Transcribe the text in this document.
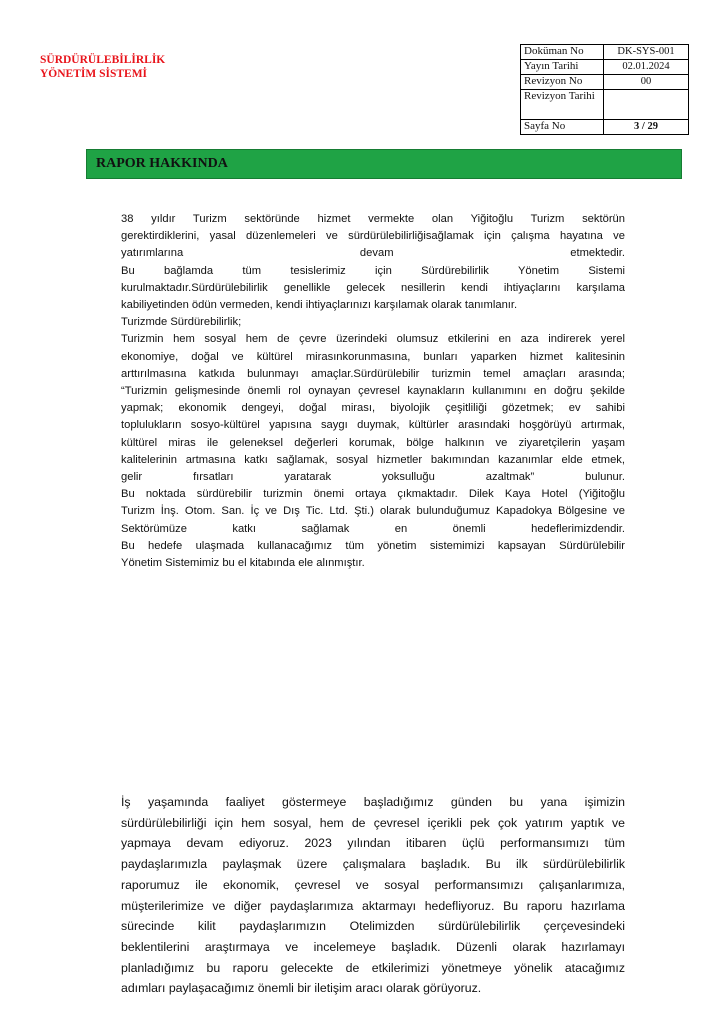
SÜRDÜRÜLEBİLİRLİK
YÖNETİM SİSTEMİ
Doküman No	DK-SYS-001
Yayın Tarihi	02.01.2024
Revizyon No	00
Revizyon Tarihi	
Sayfa No	3 / 29
RAPOR HAKKINDA
38 yıldır Turizm sektöründe hizmet vermekte olan Yiğitoğlu Turizm sektörün
gerektirdiklerini, yasal düzenlemeleri ve sürdürülebilirliğisağlamak için çalışma hayatına ve
yatırımlarına devam etmektedir.
Bu bağlamda tüm tesislerimiz için Sürdürebilirlik Yönetim Sistemi
kurulmaktadır.Sürdürülebilirlik genellikle gelecek nesillerin kendi ihtiyaçlarını karşılama
kabiliyetinden ödün vermeden, kendi ihtiyaçlarınızı karşılamak olarak tanımlanır.
Turizmde Sürdürebilirlik;
Turizmin hem sosyal hem de çevre üzerindeki olumsuz etkilerini en aza indirerek yerel
ekonomiye, doğal ve kültürel mirasınkorunmasına, bunları yaparken hizmet kalitesinin
arttırılmasına katkıda bulunmayı amaçlar.Sürdürülebilir turizmin temel amaçları arasında;
“Turizmin gelişmesinde önemli rol oynayan çevresel kaynakların kullanımını en doğru şekilde
yapmak; ekonomik dengeyi, doğal mirası, biyolojik çeşitliliği gözetmek; ev sahibi
toplulukların sosyo-kültürel yapısına saygı duymak, kültürler arasındaki hoşgörüyü artırmak,
kültürel miras ile geleneksel değerleri korumak, bölge halkının ve ziyaretçilerin yaşam
kalitelerinin artmasına katkı sağlamak, sosyal hizmetler bakımından kazanımlar elde etmek,
gelir fırsatları yaratarak yoksulluğu azaltmak” bulunur.
Bu noktada sürdürebilir turizmin önemi ortaya çıkmaktadır. Dilek Kaya Hotel (Yiğitoğlu
Turizm İnş. Otom. San. İç ve Dış Tic. Ltd. Şti.) olarak bulunduğumuz Kapadokya Bölgesine ve
Sektörümüze katkı sağlamak en önemli hedeflerimizdendir.
Bu hedefe ulaşmada kullanacağımız tüm yönetim sistemimizi kapsayan Sürdürülebilir
Yönetim Sistemimiz bu el kitabında ele alınmıştır.
İş yaşamında faaliyet göstermeye başladığımız günden bu yana işimizin
sürdürülebilirliği için hem sosyal, hem de çevresel içerikli pek çok yatırım yaptık ve
yapmaya devam ediyoruz. 2023 yılından itibaren üçlü performansımızı tüm
paydaşlarımızla paylaşmak üzere çalışmalara başladık. Bu ilk sürdürülebilirlik
raporumuz ile ekonomik, çevresel ve sosyal performansımızı çalışanlarımıza,
müşterilerimize ve diğer paydaşlarımıza aktarmayı hedefliyoruz. Bu raporu hazırlama
sürecinde kilit paydaşlarımızın Otelimizden sürdürülebilirlik çerçevesindeki
beklentilerini araştırmaya ve incelemeye başladık. Düzenli olarak hazırlamayı
planladığımız bu raporu gelecekte de etkilerimizi yönetmeye yönelik atacağımız
adımları paylaşacağımız önemli bir iletişim aracı olarak görüyoruz.
